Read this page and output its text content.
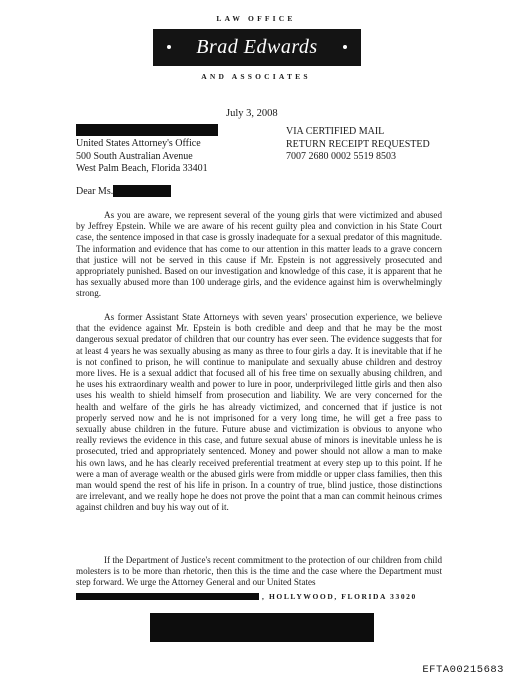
LAW OFFICE
Brad Edwards
AND ASSOCIATES
July 3, 2008
United States Attorney's Office
500 South Australian Avenue
West Palm Beach, Florida 33401
VIA CERTIFIED MAIL
RETURN RECEIPT REQUESTED
7007 2680 0002 5519 8503
Dear Ms.

As you are aware, we represent several of the young girls that were victimized and abused by Jeffrey Epstein. While we are aware of his recent guilty plea and conviction in his State Court case, the sentence imposed in that case is grossly inadequate for a sexual predator of this magnitude. The information and evidence that has come to our attention in this matter leads to a grave concern that justice will not be served in this cause if Mr. Epstein is not aggressively prosecuted and appropriately punished. Based on our investigation and knowledge of this case, it is apparent that he has sexually abused more than 100 underage girls, and the evidence against him is overwhelmingly strong.

As former Assistant State Attorneys with seven years' prosecution experience, we believe that the evidence against Mr. Epstein is both credible and deep and that he may be the most dangerous sexual predator of children that our country has ever seen. The evidence suggests that for at least 4 years he was sexually abusing as many as three to four girls a day. It is inevitable that if he is not confined to prison, he will continue to manipulate and sexually abuse children and destroy more lives. He is a sexual addict that focused all of his free time on sexually abusing children, and he uses his extraordinary wealth and power to lure in poor, underprivileged little girls and then also uses his wealth to shield himself from prosecution and liability. We are very concerned for the health and welfare of the girls he has already victimized, and concerned that if justice is not properly served now and he is not imprisoned for a very long time, he will get a free pass to sexually abuse children in the future. Future abuse and victimization is obvious to anyone who really reviews the evidence in this case, and future sexual abuse of minors is inevitable unless he is prosecuted, tried and appropriately sentenced. Money and power should not allow a man to make his own laws, and he has clearly received preferential treatment at every step up to this point. If he were a man of average wealth or the abused girls were from middle or upper class families, then this man would spend the rest of his life in prison. In a country of true, blind justice, those distinctions are irrelevant, and we really hope he does not prove the point that a man can commit heinous crimes against children and buy his way out of it.

If the Department of Justice's recent commitment to the protection of our children from child molesters is to be more than rhetoric, then this is the time and the case where the Department must step forward. We urge the Attorney General and our United States

, HOLLYWOOD, FLORIDA 33020
EFTA00215683
